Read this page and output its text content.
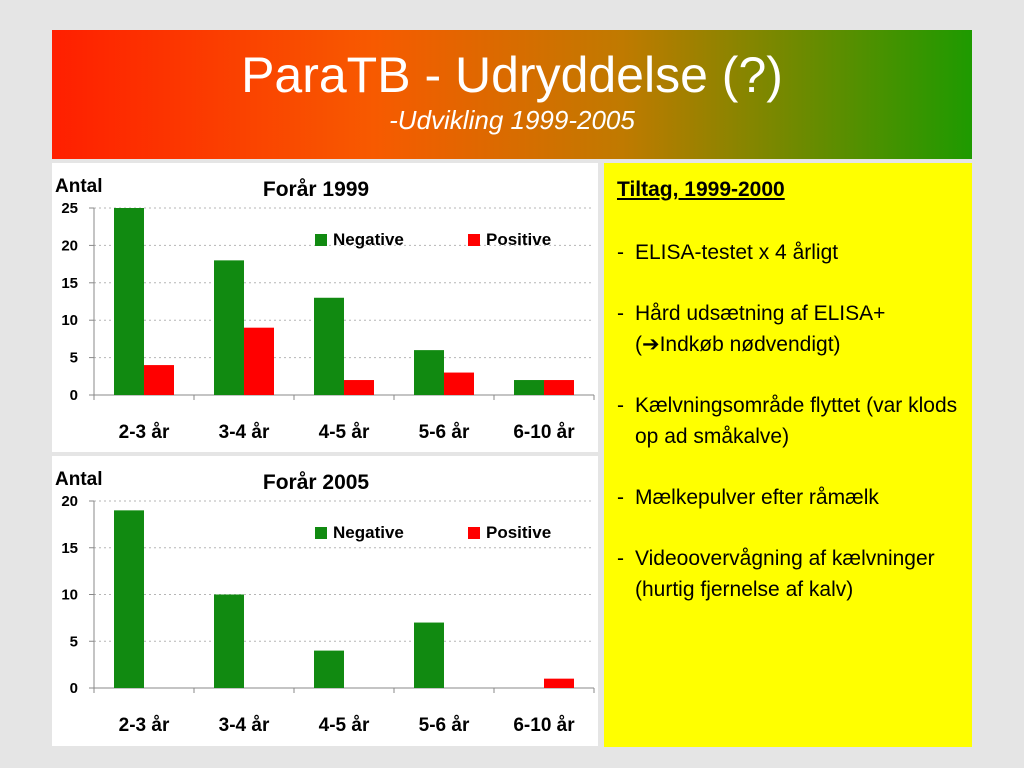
ParaTB - Udryddelse (?)
-Udvikling 1999-2005
0
5
10
15
20
25
2-3 år	3-4 år	4-5 år	5-6 år 6-10 år
Forår 1999
Antal
Negative	Positive
0
5
10
15
20
2-3 år	3-4 år	4-5 år	5-6 år 6-10 år
Forår 2005
Antal
Negative	Positive
Tiltag, 1999-2000
- ELISA-testet x 4 årligt
- Hård udsætning af ELISA+ (➔Indkøb nødvendigt)
- Kælvningsområde flyttet (var klods op ad småkalve)
- Mælkepulver efter råmælk
- Videoovervågning af kælvninger (hurtig fjernelse af kalv)
